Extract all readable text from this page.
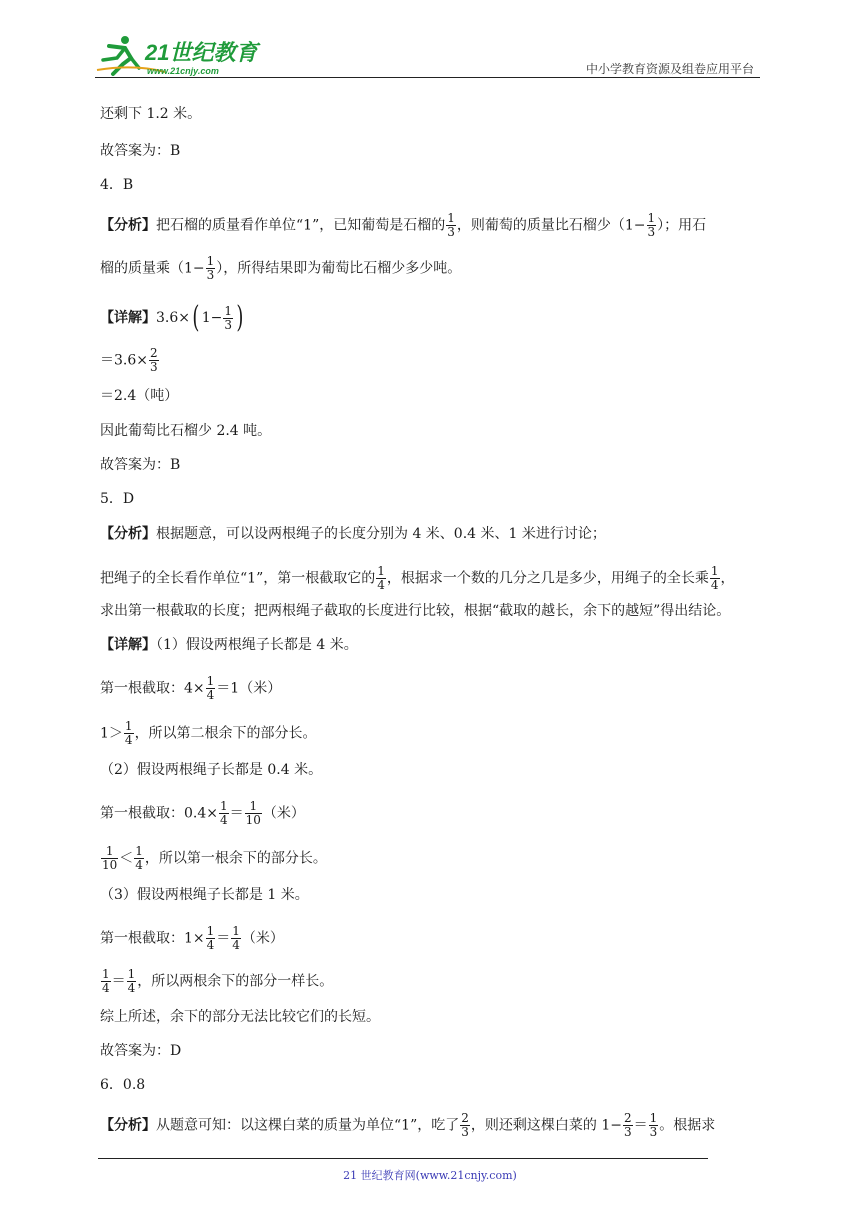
21世纪教育
www.21cnjy.com	中小学教育资源及组卷应用平台
还剩下 1.2 米。
故答案为：B
4．B
【分析】把石榴的质量看作单位“1”，已知葡萄是石榴的 $\frac{1}{3}$ ，则葡萄的质量比石榴少（$1- \frac{1}{3}$ ）；用石
榴的质量乘（$1- \frac{1}{3}$ ），所得结果即为葡萄比石榴少多少吨。
【详解】3.6×( $1- \frac{1}{3}$ )
$=3.6\times \frac{2}{3}$
＝2.4（吨）
因此葡萄比石榴少 2.4 吨。
故答案为：B
5．D
【分析】根据题意，可以设两根绳子的长度分别为 4 米、0.4 米、1 米进行讨论；
把绳子的全长看作单位“1”，第一根截取它的 $\frac{1}{4}$ ，根据求一个数的几分之几是多少，用绳子的全长乘 $\frac{1}{4}$ ，
求出第一根截取的长度；把两根绳子截取的长度进行比较，根据“截取的越长，余下的越短”得出结论。
【详解】（1）假设两根绳子长都是 4 米。
第一根截取：$4\times \frac{1}{4} =1$（米）
$1> \frac{1}{4}$ ，所以第二根余下的部分长。
（2）假设两根绳子长都是 0.4 米。
第一根截取：$0.4\times \frac{1}{4} = \frac{1}{10}$ （米）
$\frac{1}{10} < \frac{1}{4}$ ，所以第一根余下的部分长。
（3）假设两根绳子长都是 1 米。
第一根截取：$1\times \frac{1}{4} = \frac{1}{4}$ （米）
$\frac{1}{4} = \frac{1}{4}$ ，所以两根余下的部分一样长。
综上所述，余下的部分无法比较它们的长短。
故答案为：D
6．0.8
【分析】从题意可知：以这棵白菜的质量为单位“1”，吃了 $\frac{2}{3}$ ，则还剩这棵白菜的 $1- \frac{2}{3} = \frac{1}{3}$ 。根据求
21 世纪教育网(www.21cnjy.com)
